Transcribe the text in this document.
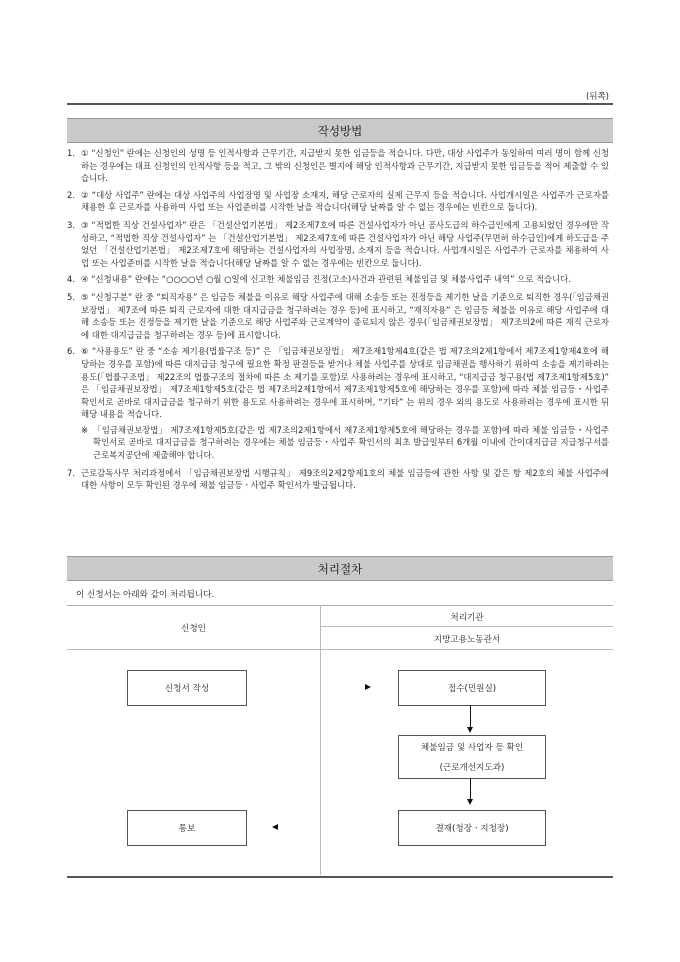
(뒤쪽)
작성방법
1. ① “신청인” 란에는 신청인의 성명 등 인적사항과 근무기간, 지급받지 못한 임금등을 적습니다. 다만, 대상 사업주가 동일하여 여러 명이 함께 신청하는 경우에는 대표 신청인의 인적사항 등을 적고, 그 밖의 신청인은 별지에 해당 인적사항과 근무기간, 지급받지 못한 임금등을 적어 제출할 수 있습니다.
2. ② “대상 사업주” 란에는 대상 사업주의 사업장명 및 사업장 소재지, 해당 근로자의 실제 근무지 등을 적습니다. 사업개시일은 사업주가 근로자를 채용한 후 근로자를 사용하여 사업 또는 사업준비를 시작한 날을 적습니다(해당 날짜를 알 수 없는 경우에는 빈칸으로 둡니다).
3. ③ “적법한 직상 건설사업자” 란은 「건설산업기본법」 제2조제7호에 따른 건설사업자가 아닌 공사도급의 하수급인에게 고용되었던 경우에만 작성하고, “적법한 직상 건설사업자” 는 「건설산업기본법」 제2조제7호에 따른 건설사업자가 아닌 해당 사업주(무면허 하수급인)에게 하도급을 주었던 「건설산업기본법」 제2조제7호에 해당하는 건설사업자의 사업장명, 소재지 등을 적습니다. 사업개시일은 사업주가 근로자를 채용하여 사업 또는 사업준비를 시작한 날을 적습니다(해당 날짜를 알 수 없는 경우에는 빈칸으로 둡니다).
4. ④ “신청내용” 란에는 “○○○○년 ○월 ○일에 신고한 체불임금 진정(고소)사건과 관련된 체불임금 및 체불사업주 내역” 으로 적습니다.
5. ⑤ “신청구분” 란 중 “퇴직자용” 은 임금등 체불을 이유로 해당 사업주에 대해 소송등 또는 진정등을 제기한 날을 기준으로 퇴직한 경우(「임금채권보장법」 제7조에 따른 퇴직 근로자에 대한 대지급금을 청구하려는 경우 등)에 표시하고, “재직자용” 은 임금등 체불을 이유로 해당 사업주에 대해 소송등 또는 진정등을 제기한 날을 기준으로 해당 사업주와 근로계약이 종료되지 않은 경우(「임금채권보장법」 제7조의2에 따른 재직 근로자에 대한 대지급금을 청구하려는 경우 등)에 표시합니다.
6. ⑥ “사용용도” 란 중 “소송 제기용(법률구조 등)” 은 「임금채권보장법」 제7조제1항제4호(같은 법 제7조의2제1항에서 제7조제1항제4호에 해당하는 경우를 포함)에 따른 대지급금 청구에 필요한 확정 판결등을 받거나 체불 사업주를 상대로 임금채권을 행사하기 위하여 소송을 제기하려는 용도(「법률구조법」 제22조의 법률구조의 절차에 따른 소 제기를 포함)로 사용하려는 경우에 표시하고, “대지급금 청구용(법 제7조제1항제5호)” 은 「임금채권보장법」 제7조제1항제5호(같은 법 제7조의2제1항에서 제7조제1항제5호에 해당하는 경우를 포함)에 따라 체불 임금등・사업주 확인서로 곧바로 대지급금을 청구하기 위한 용도로 사용하려는 경우에 표시하며, “기타” 는 위의 경우 외의 용도로 사용하려는 경우에 표시한 뒤 해당 내용을 적습니다.
※ 「임금채권보장법」 제7조제1항제5호(같은 법 제7조의2제1항에서 제7조제1항제5호에 해당하는 경우를 포함)에 따라 체불 임금등・사업주 확인서로 곧바로 대지급금을 청구하려는 경우에는 체불 임금등・사업주 확인서의 최초 발급일부터 6개월 이내에 간이대지급금 지급청구서를 근로복지공단에 제출해야 합니다.
7. 근로감독사무 처리과정에서 「임금채권보장법 시행규칙」 제9조의2제2항제1호의 체불 임금등에 관한 사항 및 같은 항 제2호의 체불 사업주에 대한 사항이 모두 확인된 경우에 체불 임금등ㆍ사업주 확인서가 발급됩니다.
처리절차
이 신청서는 아래와 같이 처리됩니다.
신청인
처리기관
지방고용노동관서
신청서 작성	접수(민원실)
체불임금 및 사업자 등 확인
(근로개선지도과)
결재(청장ㆍ지청장)
통보
